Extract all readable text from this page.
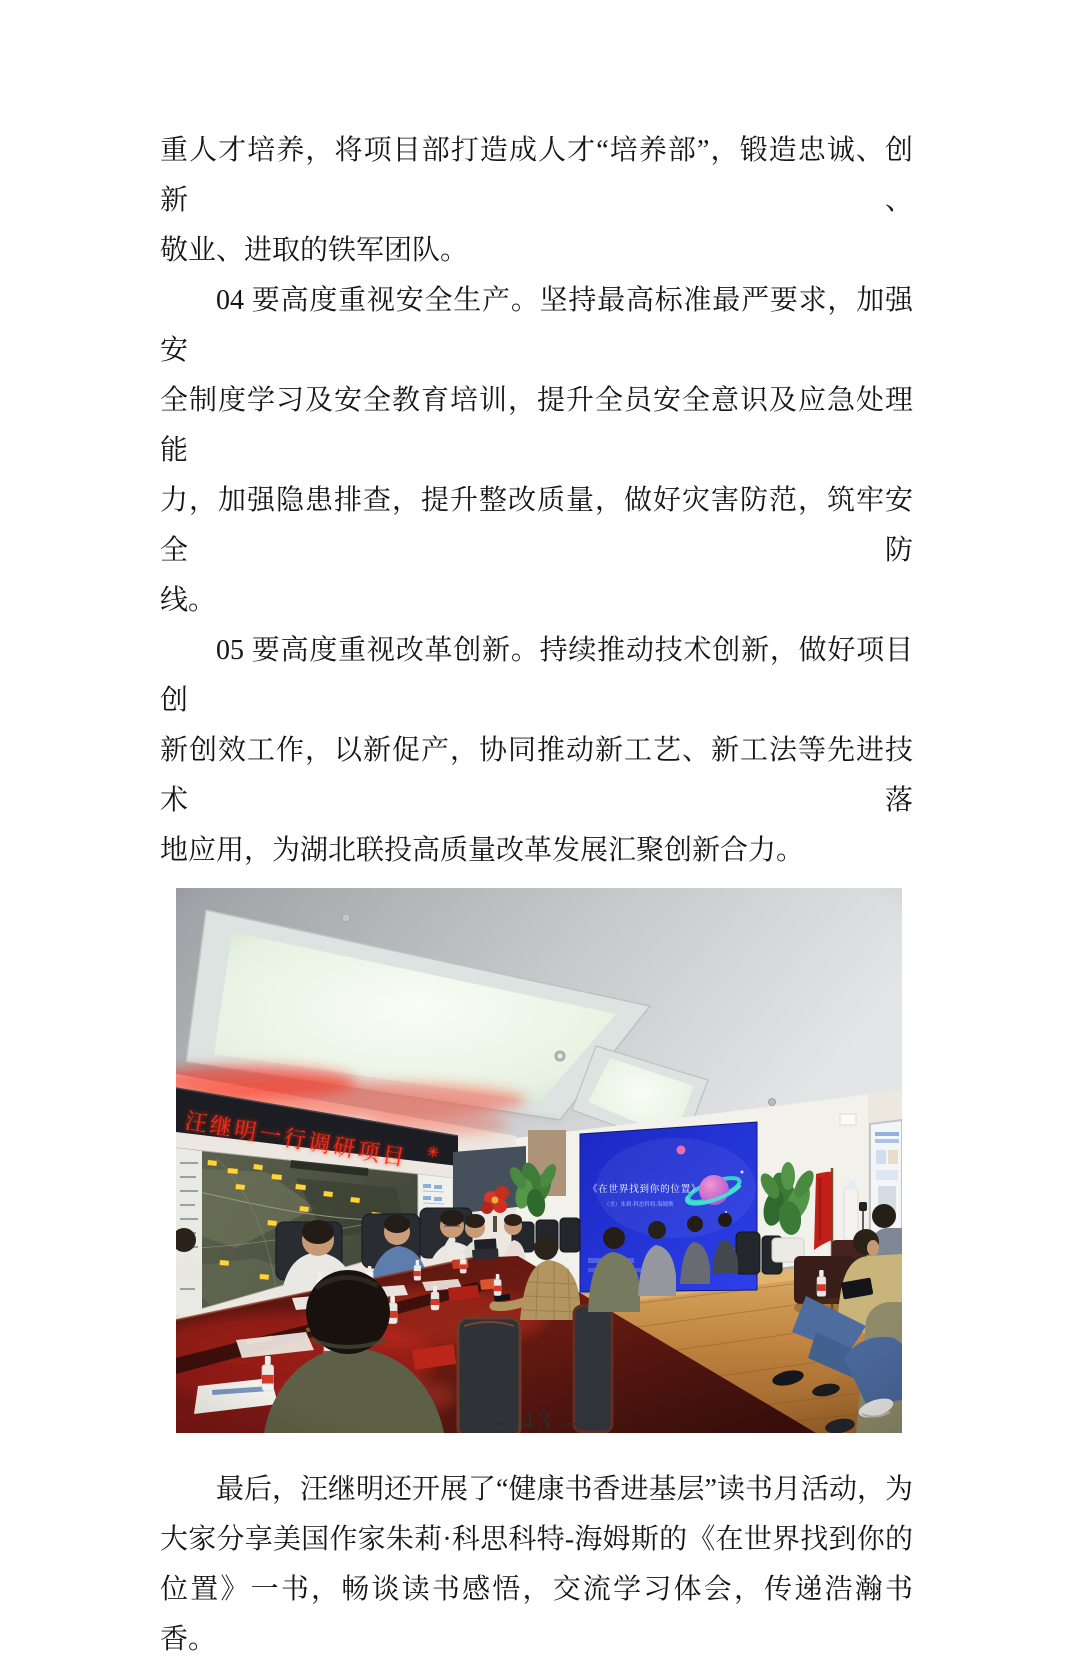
重人才培养，将项目部打造成人才“培养部”，锻造忠诚、创新、
敬业、进取的铁军团队。
04 要高度重视安全生产。坚持最高标准最严要求，加强安
全制度学习及安全教育培训，提升全员安全意识及应急处理能
力，加强隐患排查，提升整改质量，做好灾害防范，筑牢安全防
线。
05 要高度重视改革创新。持续推动技术创新，做好项目创
新创效工作，以新促产，协同推动新工艺、新工法等先进技术落
地应用，为湖北联投高质量改革发展汇聚创新合力。
最后，汪继明还开展了“健康书香进基层”读书月活动，为
大家分享美国作家朱莉·科思科特-海姆斯的《在世界找到你的
位置》一书，畅谈读书感悟，交流学习体会，传递浩瀚书香。
– 43 –
